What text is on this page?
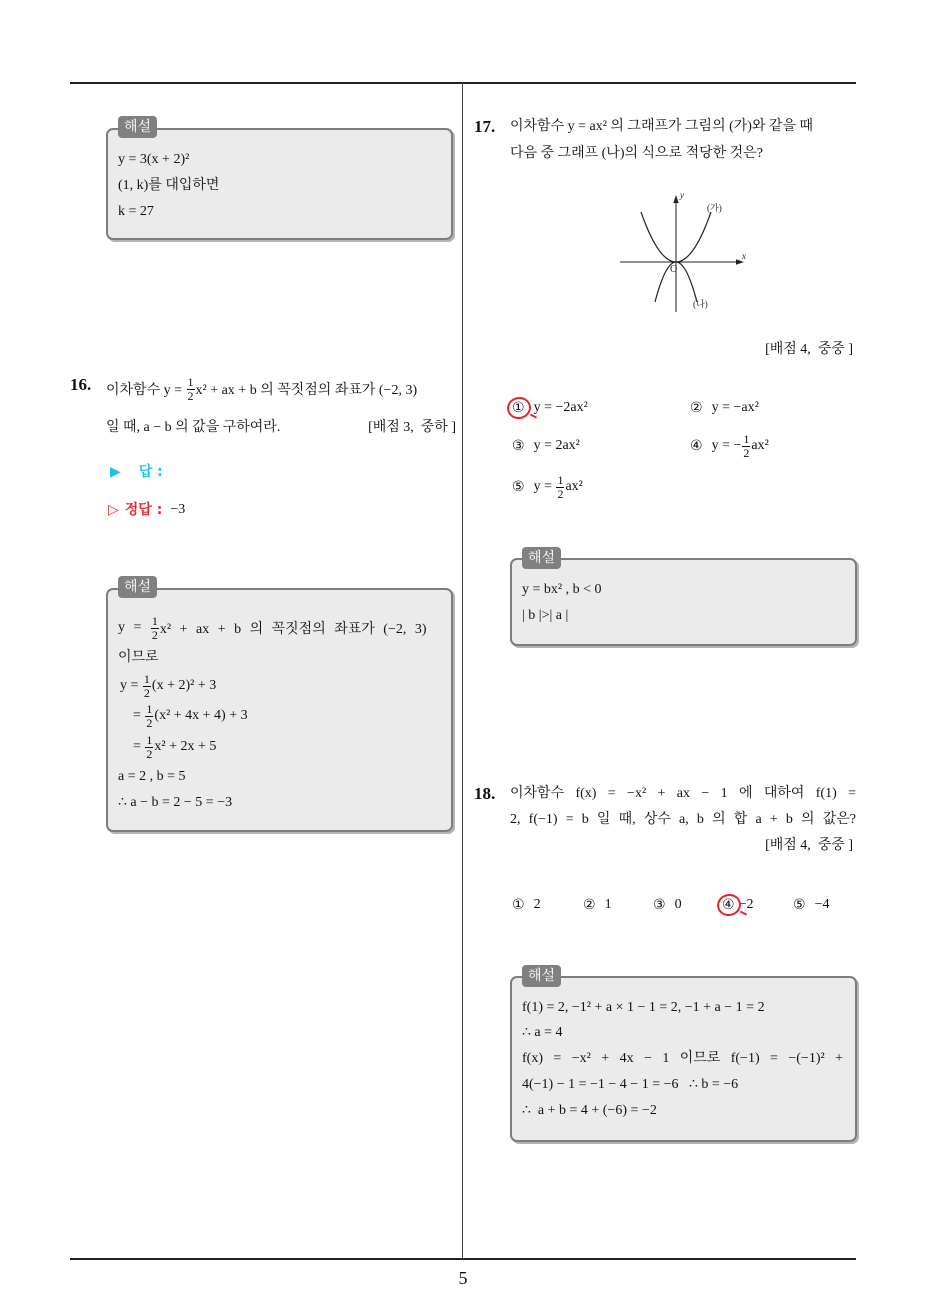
해설
y = 3(x + 2)²
(1, k)를 대입하면
k = 27
16. 이차함수 $y = \frac{1}{2} x^2$ + ax + b 의 꼭짓점의 좌표가 (−2, 3)
일 때, a − b 의 값을 구하여라.	[배점 3,  중하 ]
▶ 답 :
▷ 정답 : −3
해설
$y = \frac{1}{2} x^2$ + ax + b 의 꼭짓점의 좌표가 (−2, 3)
이므로
$y = \frac{1}{2} (x + 2)^2 + 3$
= $\frac{1}{2} (x^2 + 4x + 4) + 3$
= $\frac{1}{2} x^2 + 2x + 5$
a = 2 , b = 5
∴ a − b = 2 − 5 = −3
17. 이차함수 y = ax² 의 그래프가 그림의 (가)와 같을 때
다음 중 그래프 (나)의 식으로 적당한 것은?
y
x
O
(가)
(나)
[배점 4,  중중 ]
① y = −2ax²	② y = −ax²
③ y = 2ax²	④ y = − $\frac{1}{2} ax^2$
⑤ $y = \frac{1}{2} ax^2$
해설
y = bx² , b < 0
| b |>| a |
18. 이차함수 f(x) = −x² + ax − 1 에 대하여 f(1) =
2, f(−1) = b 일 때, 상수 a, b 의 합 a + b 의 값은?
[배점 4,  중중 ]
① 2	② 1	③ 0	④ −2	⑤ −4
해설
f(1) = 2, −1² + a × 1 − 1 = 2, −1 + a − 1 = 2
∴ a = 4
f(x) = −x² + 4x − 1 이므로 f(−1) = −(−1)² +
4(−1) − 1 = −1 − 4 − 1 = −6   ∴ b = −6
∴  a + b = 4 + (−6) = −2
5
